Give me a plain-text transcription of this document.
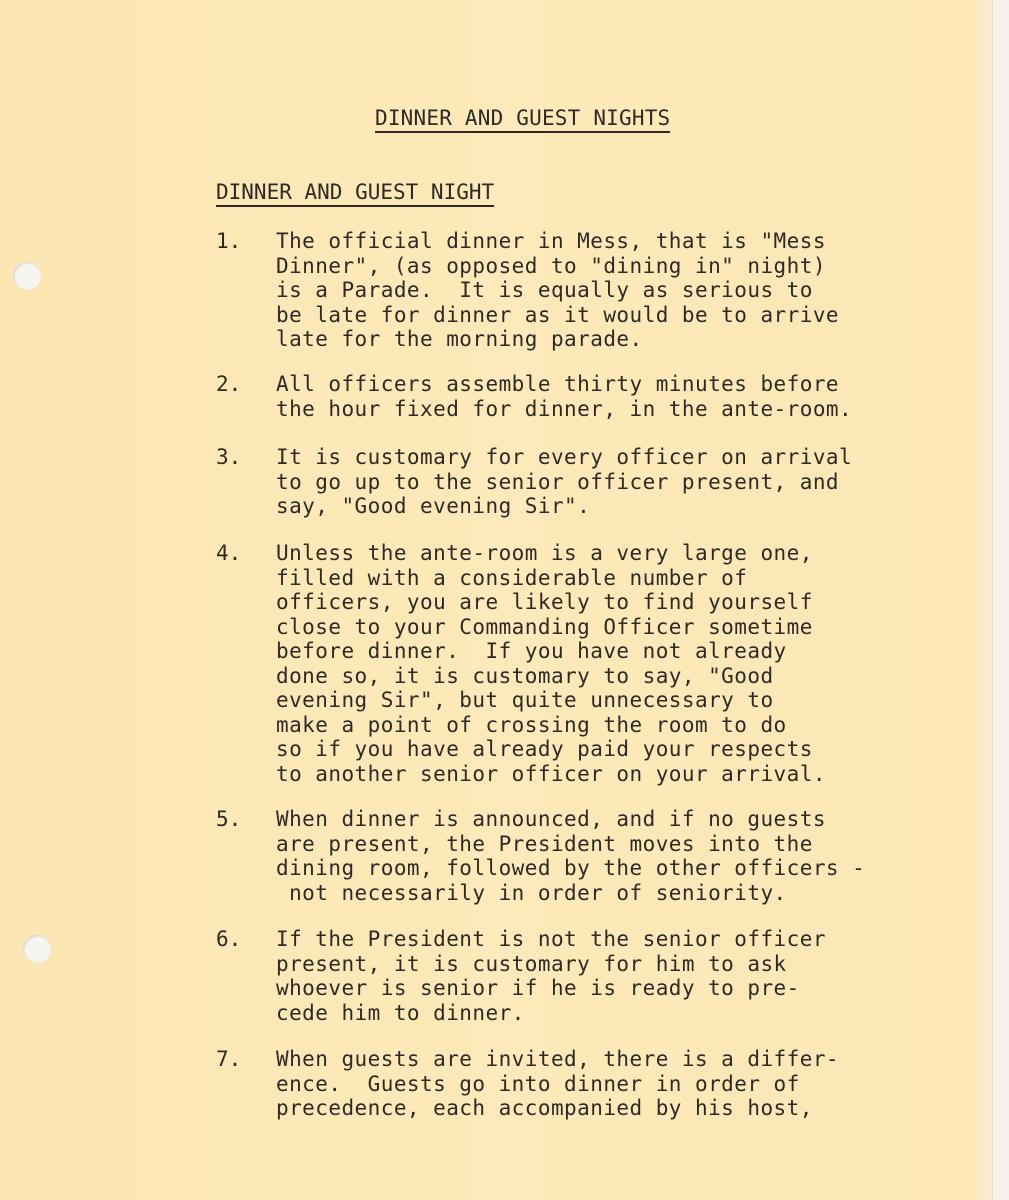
DINNER AND GUEST NIGHTS
DINNER AND GUEST NIGHT
1. The official dinner in Mess, that is "Mess
Dinner", (as opposed to "dining in" night)
is a Parade.  It is equally as serious to
be late for dinner as it would be to arrive
late for the morning parade.
2. All officers assemble thirty minutes before
the hour fixed for dinner, in the ante-room.
3. It is customary for every officer on arrival
to go up to the senior officer present, and
say, "Good evening Sir".
4. Unless the ante-room is a very large one,
filled with a considerable number of
officers, you are likely to find yourself
close to your Commanding Officer sometime
before dinner.  If you have not already
done so, it is customary to say, "Good
evening Sir", but quite unnecessary to
make a point of crossing the room to do
so if you have already paid your respects
to another senior officer on your arrival.
5. When dinner is announced, and if no guests
are present, the President moves into the
dining room, followed by the other officers -
not necessarily in order of seniority.
6. If the President is not the senior officer
present, it is customary for him to ask
whoever is senior if he is ready to pre-
cede him to dinner.
7. When guests are invited, there is a differ-
ence.  Guests go into dinner in order of
precedence, each accompanied by his host,
